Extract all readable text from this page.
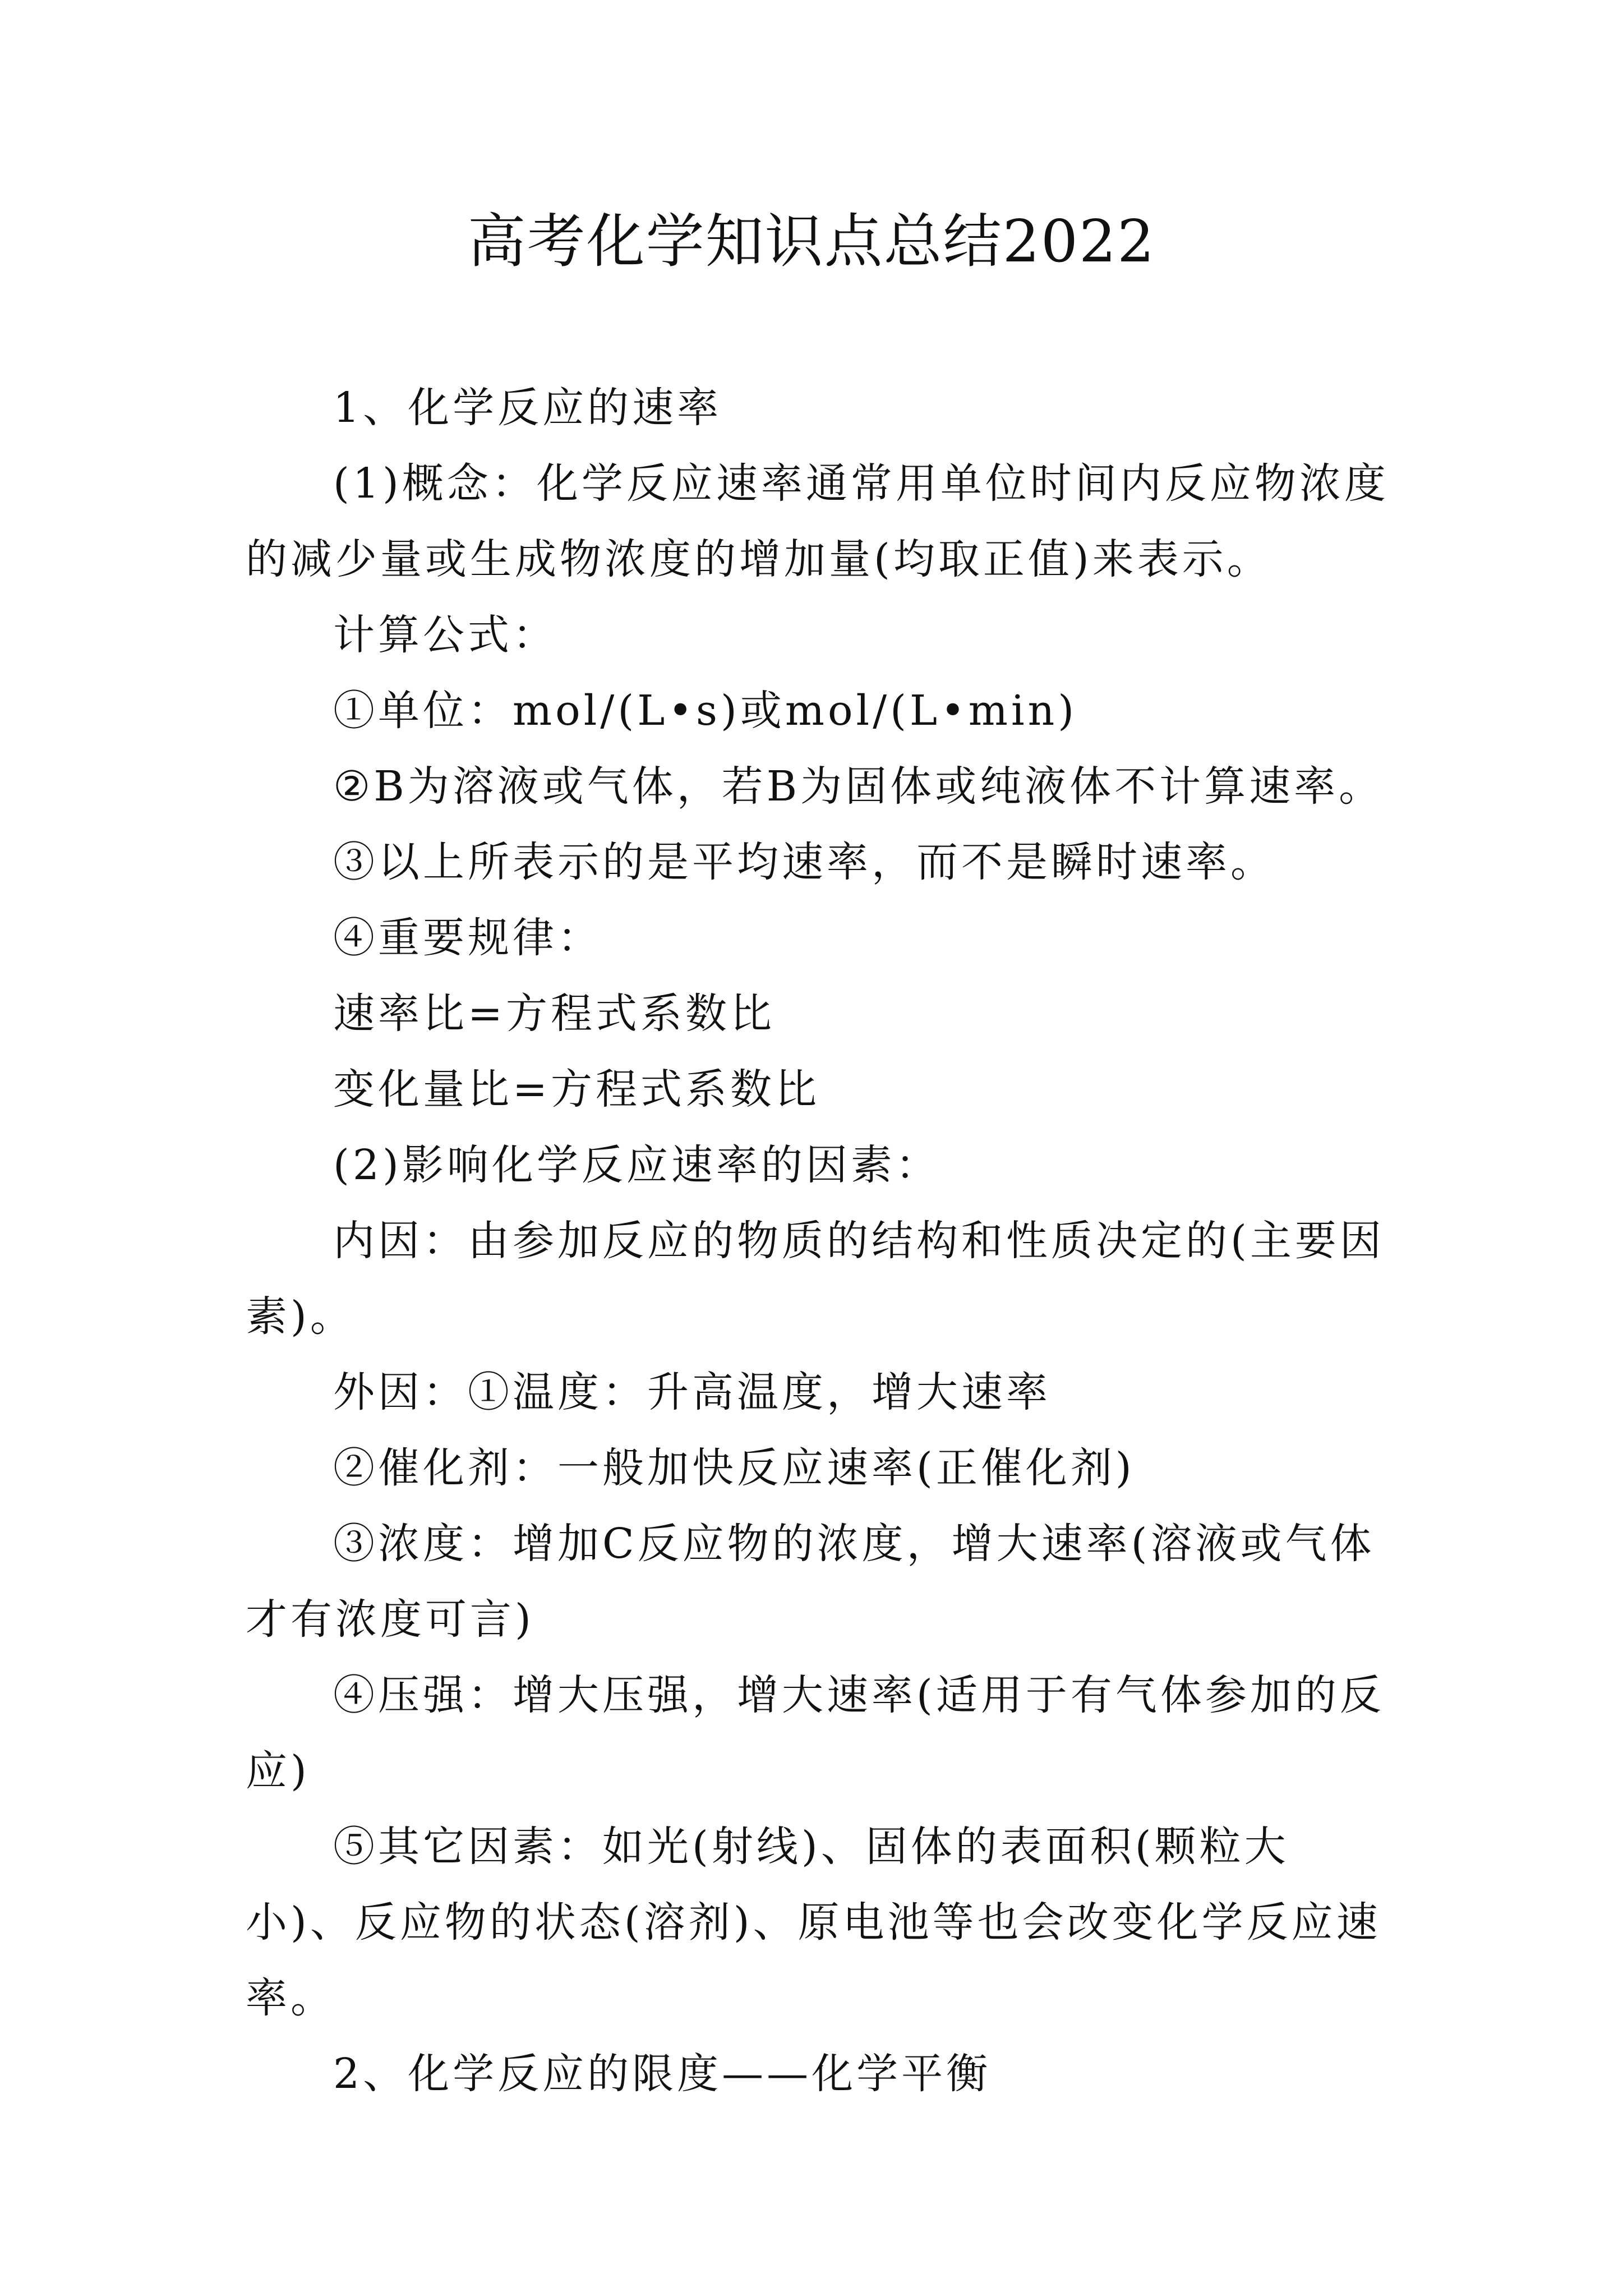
高考化学知识点总结2022

1、化学反应的速率

(1)概念：化学反应速率通常用单位时间内反应物浓度的减少量或生成物浓度的增加量(均取正值)来表示。

计算公式：

①单位：mol/(L•s)或mol/(L•min)

②B为溶液或气体，若B为固体或纯液体不计算速率。

③以上所表示的是平均速率，而不是瞬时速率。

④重要规律：

速率比=方程式系数比

变化量比=方程式系数比

(2)影响化学反应速率的因素：

内因：由参加反应的物质的结构和性质决定的(主要因素)。

外因：①温度：升高温度，增大速率

②催化剂：一般加快反应速率(正催化剂)

③浓度：增加C反应物的浓度，增大速率(溶液或气体才有浓度可言)

④压强：增大压强，增大速率(适用于有气体参加的反应)

⑤其它因素：如光(射线)、固体的表面积(颗粒大小)、反应物的状态(溶剂)、原电池等也会改变化学反应速率。

2、化学反应的限度——化学平衡
